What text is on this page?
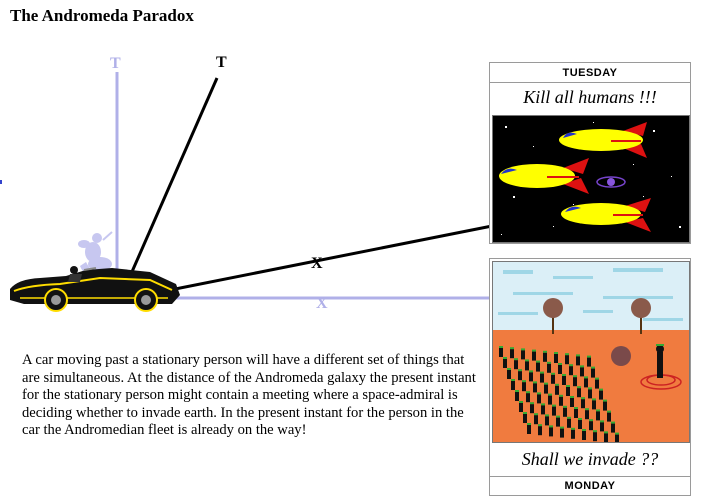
The Andromeda Paradox
T
X
T
X
TUESDAY
Kill all humans !!!
Shall we invade ??
MONDAY
A car moving past a stationary person will have a different set of things that are simultaneous. At the distance of the Andromeda galaxy the present instant for the stationary person might contain a meeting where a space-admiral is deciding whether to invade earth. In the present instant for the person in the car the Andromedian fleet is already on the way!
